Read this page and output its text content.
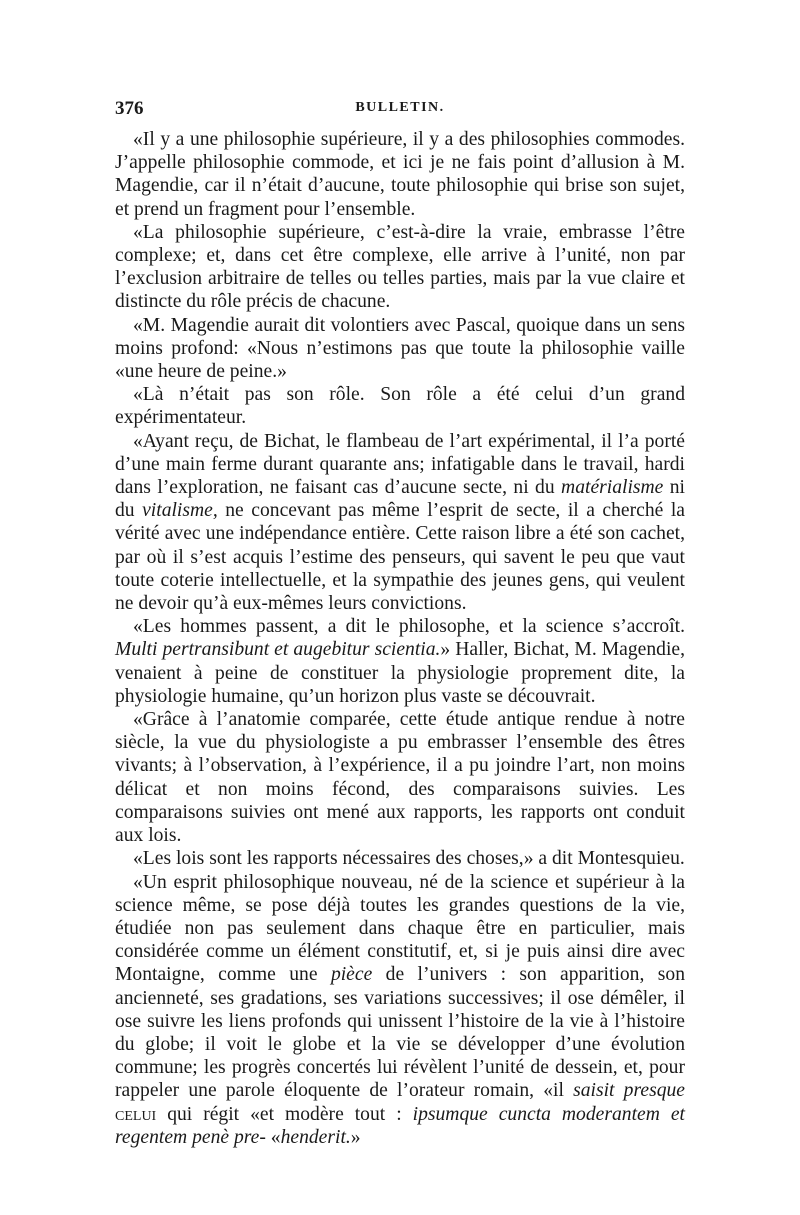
376	BULLETIN.

«Il y a une philosophie supérieure, il y a des philosophies commodes. J’appelle philosophie commode, et ici je ne fais point d’allusion à M. Magendie, car il n’était d’aucune, toute philosophie qui brise son sujet, et prend un fragment pour l’ensemble.

«La philosophie supérieure, c’est-à-dire la vraie, embrasse l’être complexe; et, dans cet être complexe, elle arrive à l’unité, non par l’exclusion arbitraire de telles ou telles parties, mais par la vue claire et distincte du rôle précis de chacune.

«M. Magendie aurait dit volontiers avec Pascal, quoique dans un sens moins profond: «Nous n’estimons pas que toute la philosophie vaille «une heure de peine.»

«Là n’était pas son rôle. Son rôle a été celui d’un grand expérimentateur.

«Ayant reçu, de Bichat, le flambeau de l’art expérimental, il l’a porté d’une main ferme durant quarante ans; infatigable dans le travail, hardi dans l’exploration, ne faisant cas d’aucune secte, ni du matérialisme ni du vitalisme, ne concevant pas même l’esprit de secte, il a cherché la vérité avec une indépendance entière. Cette raison libre a été son cachet, par où il s’est acquis l’estime des penseurs, qui savent le peu que vaut toute coterie intellectuelle, et la sympathie des jeunes gens, qui veulent ne devoir qu’à eux-mêmes leurs convictions.

«Les hommes passent, a dit le philosophe, et la science s’accroît. Multi pertransibunt et augebitur scientia.» Haller, Bichat, M. Magendie, venaient à peine de constituer la physiologie proprement dite, la physiologie humaine, qu’un horizon plus vaste se découvrait.

«Grâce à l’anatomie comparée, cette étude antique rendue à notre siècle, la vue du physiologiste a pu embrasser l’ensemble des êtres vivants; à l’observation, à l’expérience, il a pu joindre l’art, non moins délicat et non moins fécond, des comparaisons suivies. Les comparaisons suivies ont mené aux rapports, les rapports ont conduit aux lois.

«Les lois sont les rapports nécessaires des choses,» a dit Montesquieu.

«Un esprit philosophique nouveau, né de la science et supérieur à la science même, se pose déjà toutes les grandes questions de la vie, étudiée non pas seulement dans chaque être en particulier, mais considérée comme un élément constitutif, et, si je puis ainsi dire avec Montaigne, comme une pièce de l’univers : son apparition, son ancienneté, ses gradations, ses variations successives; il ose démêler, il ose suivre les liens profonds qui unissent l’histoire de la vie à l’histoire du globe; il voit le globe et la vie se développer d’une évolution commune; les progrès concertés lui révèlent l’unité de dessein, et, pour rappeler une parole éloquente de l’orateur romain, «il saisit presque celui qui régit «et modère tout : ipsumque cuncta moderantem et regentem penè pre- «henderit.»
